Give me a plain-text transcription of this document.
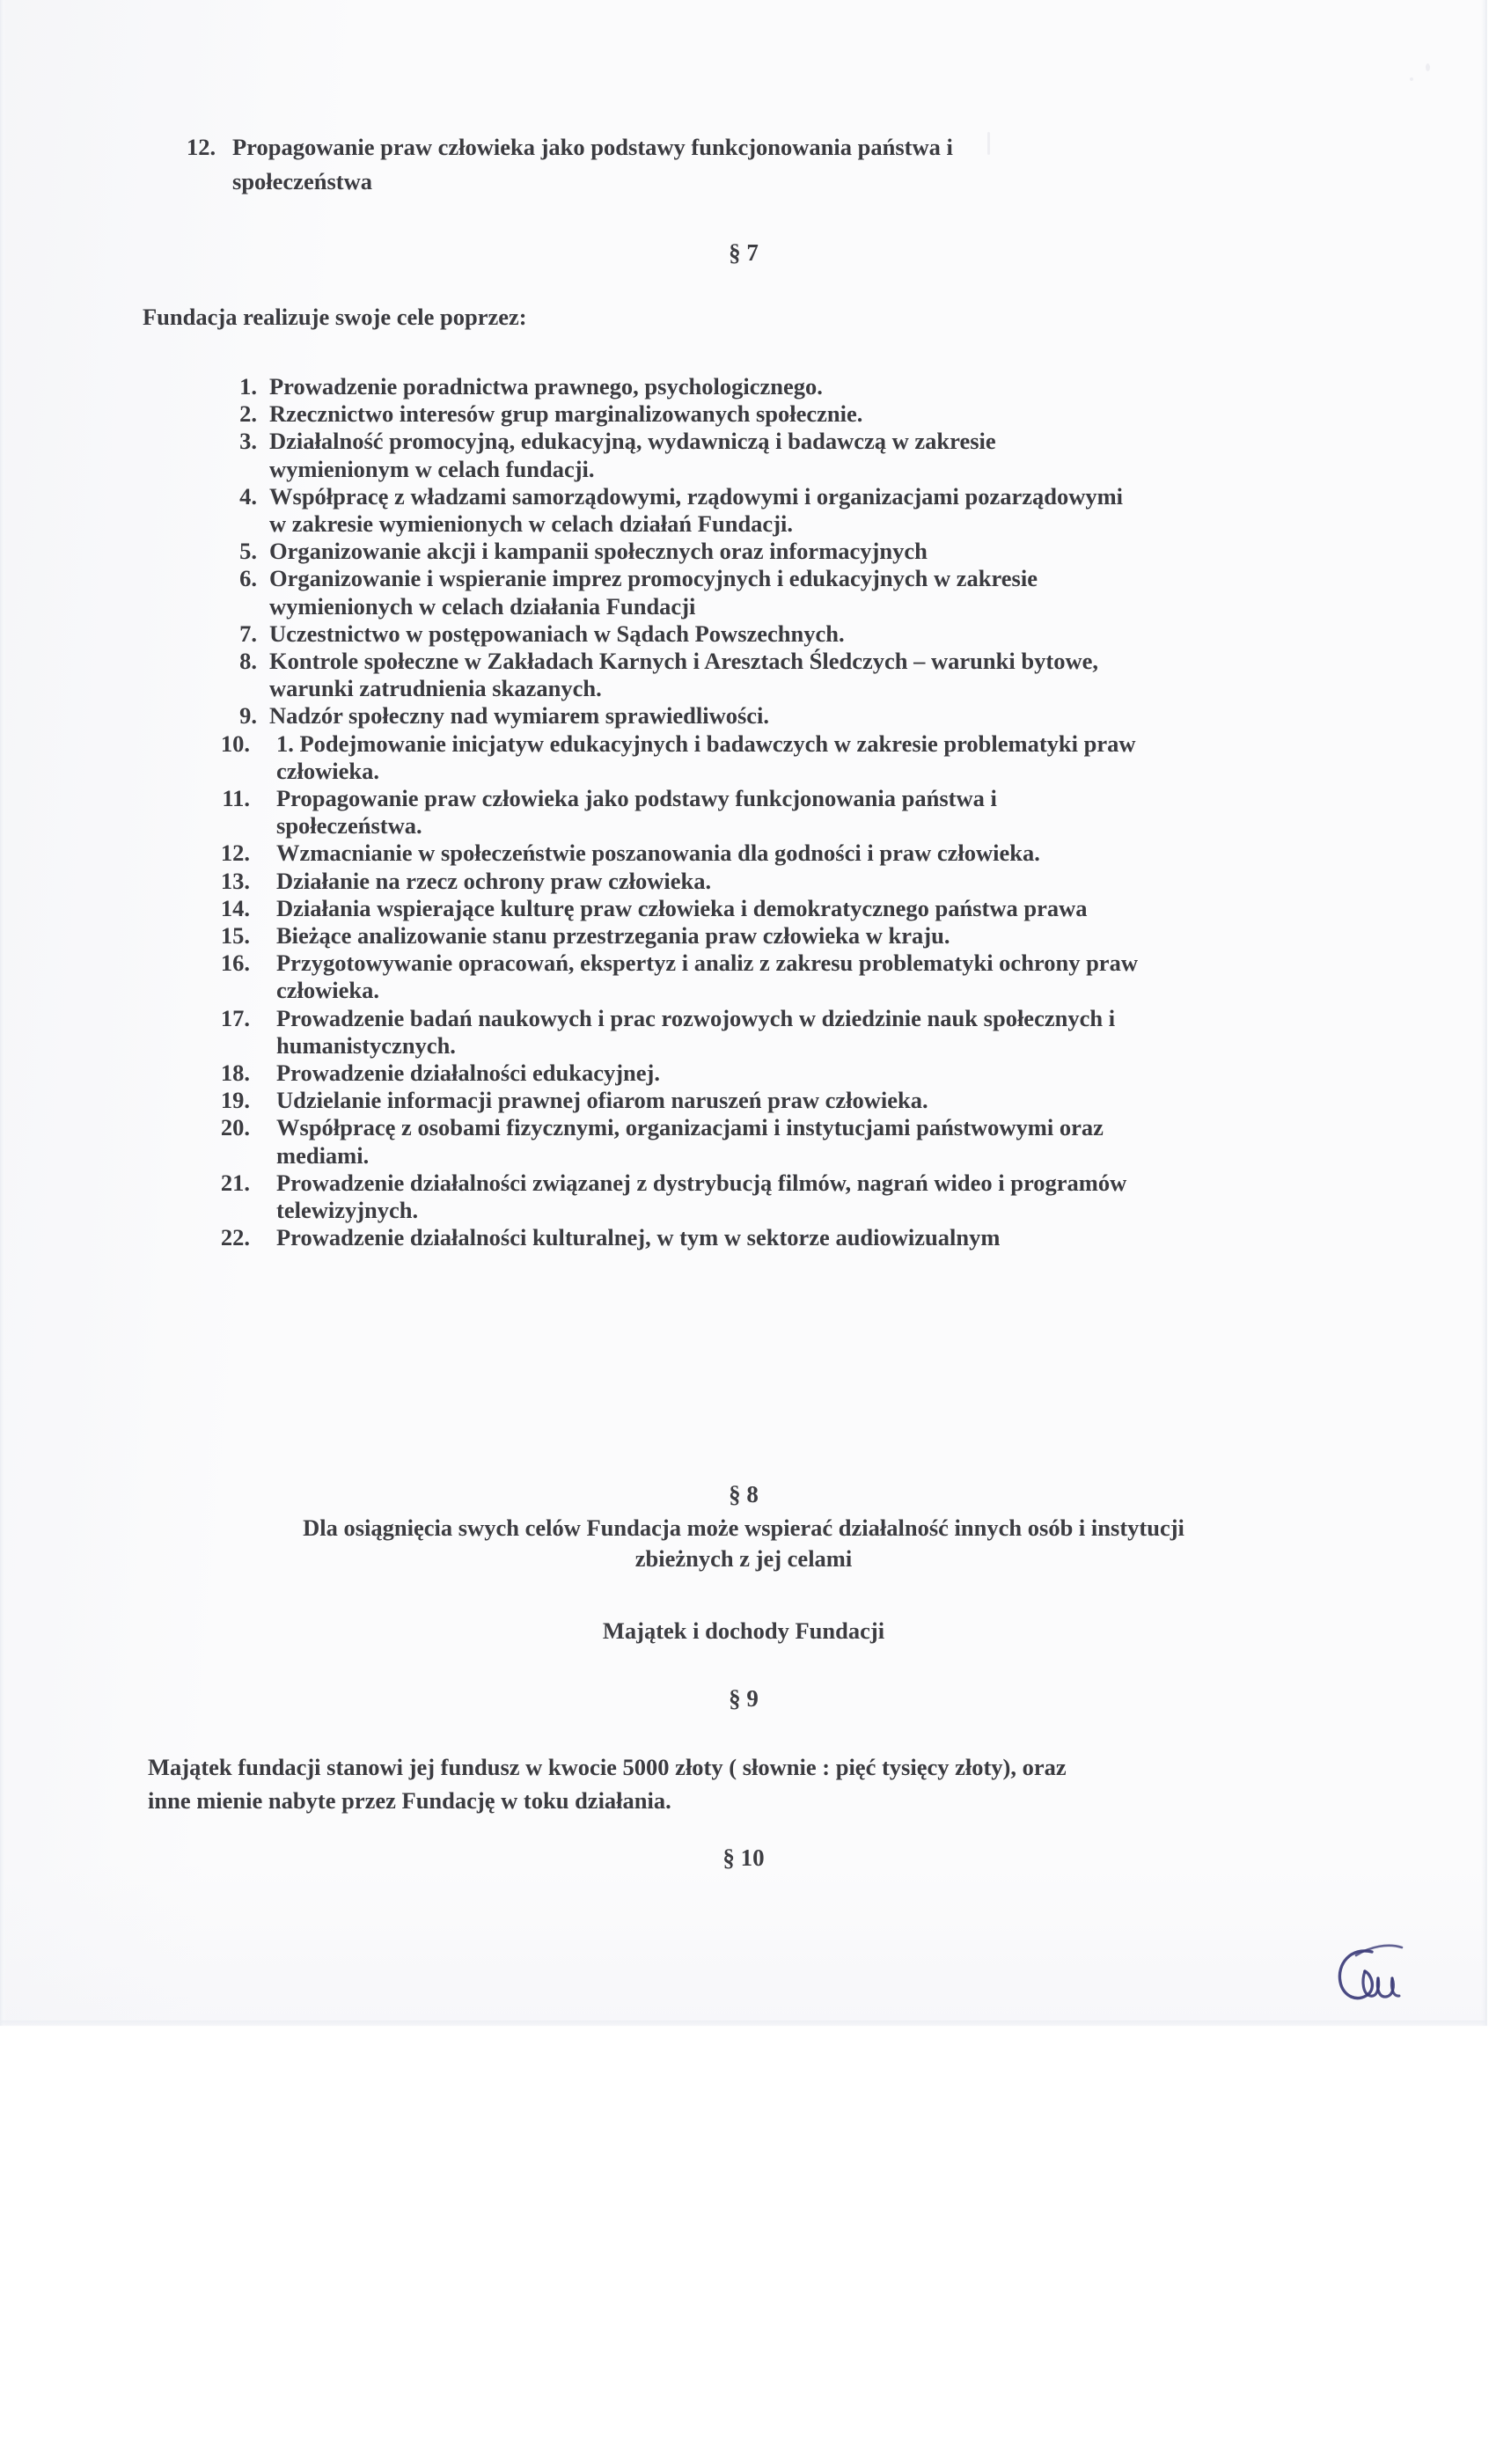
12. Propagowanie praw człowieka jako podstawy funkcjonowania państwa i
społeczeństwa
§ 7
Fundacja realizuje swoje cele poprzez:
1. Prowadzenie poradnictwa prawnego, psychologicznego.
2. Rzecznictwo interesów grup marginalizowanych społecznie.
3. Działalność promocyjną, edukacyjną, wydawniczą i badawczą w zakresie
wymienionym w celach fundacji.
4. Współpracę z władzami samorządowymi, rządowymi i organizacjami pozarządowymi
w zakresie wymienionych w celach działań Fundacji.
5. Organizowanie akcji i kampanii społecznych oraz informacyjnych
6. Organizowanie i wspieranie imprez promocyjnych i edukacyjnych w zakresie
wymienionych w celach działania Fundacji
7. Uczestnictwo w postępowaniach w Sądach Powszechnych.
8. Kontrole społeczne w Zakładach Karnych i Aresztach Śledczych – warunki bytowe,
warunki zatrudnienia skazanych.
9. Nadzór społeczny nad wymiarem sprawiedliwości.
10. 1. Podejmowanie inicjatyw edukacyjnych i badawczych w zakresie problematyki praw
człowieka.
11. Propagowanie praw człowieka jako podstawy funkcjonowania państwa i
społeczeństwa.
12. Wzmacnianie w społeczeństwie poszanowania dla godności i praw człowieka.
13. Działanie na rzecz ochrony praw człowieka.
14. Działania wspierające kulturę praw człowieka i demokratycznego państwa prawa
15. Bieżące analizowanie stanu przestrzegania praw człowieka w kraju.
16. Przygotowywanie opracowań, ekspertyz i analiz z zakresu problematyki ochrony praw
człowieka.
17. Prowadzenie badań naukowych i prac rozwojowych w dziedzinie nauk społecznych i
humanistycznych.
18. Prowadzenie działalności edukacyjnej.
19. Udzielanie informacji prawnej ofiarom naruszeń praw człowieka.
20. Współpracę z osobami fizycznymi, organizacjami i instytucjami państwowymi oraz
mediami.
21. Prowadzenie działalności związanej z dystrybucją filmów, nagrań wideo i programów
telewizyjnych.
22. Prowadzenie działalności kulturalnej, w tym w sektorze audiowizualnym
§ 8
Dla osiągnięcia swych celów Fundacja może wspierać działalność innych osób i instytucji
zbieżnych z jej celami
Majątek i dochody Fundacji
§ 9
Majątek fundacji stanowi jej fundusz w kwocie 5000 złoty ( słownie : pięć tysięcy złoty), oraz
inne mienie nabyte przez Fundację w toku działania.
§ 10
